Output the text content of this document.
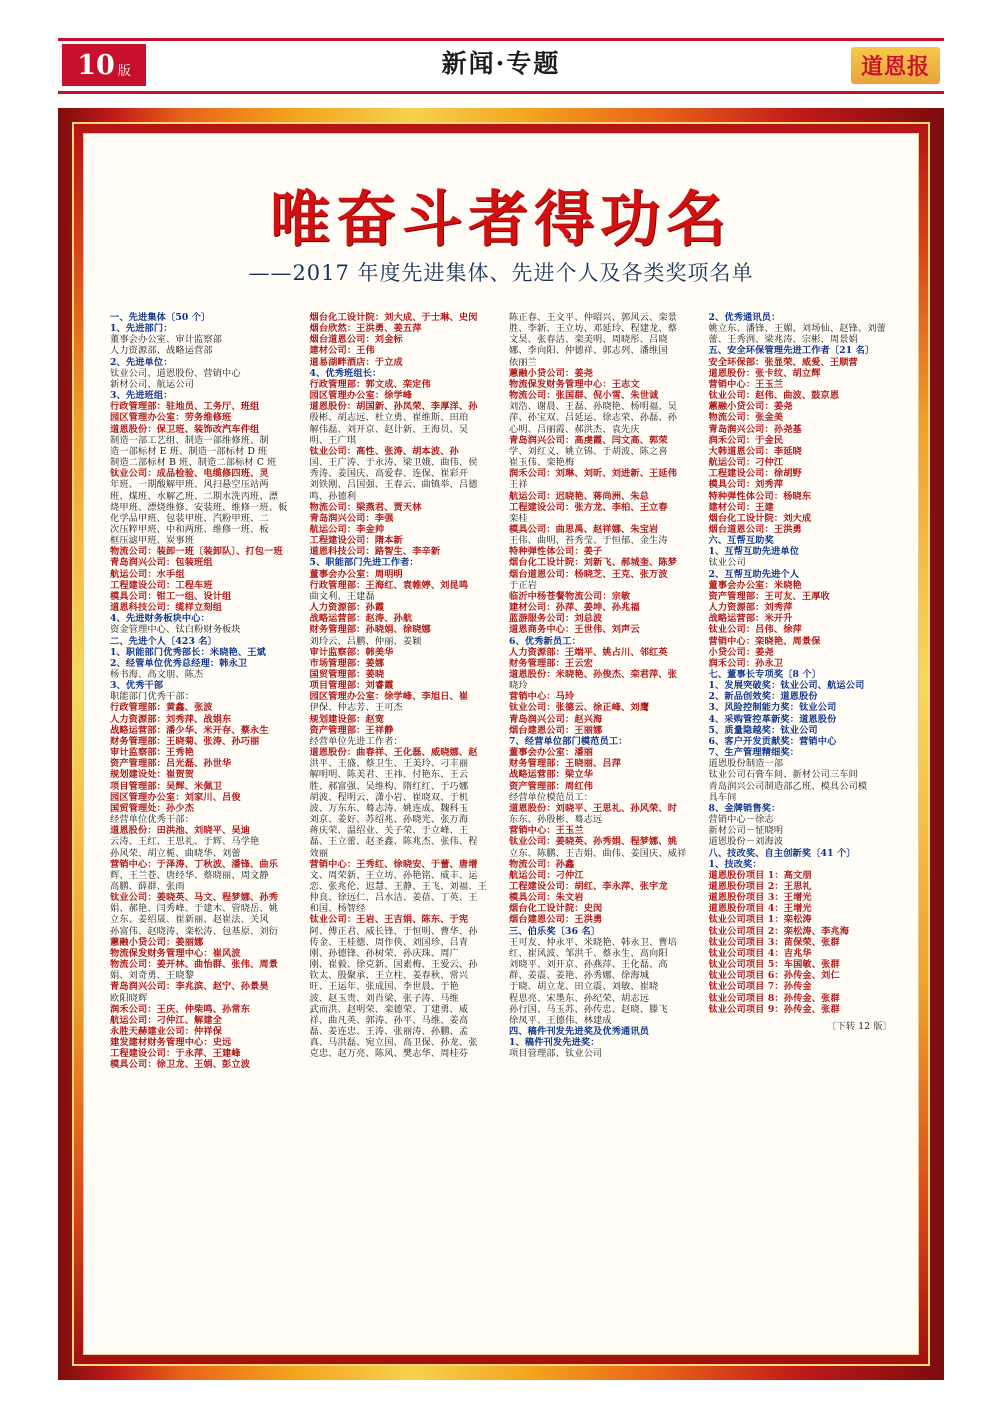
10 版	新闻·专题	道恩报
唯奋斗者得功名
——2017 年度先进集体、先进个人及各类奖项名单

一、先进集体〔50 个〕

1、先进部门：

董事会办公室、审计监察部

人力资源部、战略运营部

2、先进单位：

钛业公司、道恩股份、营销中心

新材公司、航运公司

3、先进班组：

行政管理部：驻地员、工务厅、班组

园区管理办公室：劳务维修班

道恩股份：保卫班、装饰改汽车件组

制造一部工艺组、制造一部维修班、制

造一部标材 E 班、制造一部标材 D 班

制造二部标材 B 班、制造二部标材 C 班

钛业公司：成品检验、电缆修四班、灵

年班、一期酸解甲班、风扫悬空压站两

班、煤班、水解乙班、二期水洗丙班、漂

烧甲班、漂烧维修、安装班、维修一班、板

化学品甲班、包装甲班、汽粉甲班、二

次压粹甲班、中和两班、维修一班、板

框压滤甲班、炭事班

物流公司：装卸一班〔装卸队〕、打包一班

青岛润兴公司：包装班组

航运公司：水手组

工程建设公司：工程车班

模具公司：钳工一组、设计组

道恩科技公司：缆样立刻组

4、先进财务板块中心：

资金管理中心、钛白粉财务板块

二、先进个人〔423 名〕

1、职能部门优秀部长：米晓艳、王斌

2、经管单位优秀总经理：韩永卫

杨书海、高文朋、陈杰

3、优秀干部

职能部门优秀干部：

行政管理部：黄鑫、张波

人力资源部：刘秀萍、战娟东

战略运营部：潘少华、米开存、蔡永生

财务管理部：王晓菊、张涛、孙巧丽

审计监察部：王秀艳

资产管理部：吕光磊、孙世华

规划建设处：崔贺贺

项目管理部：吴辉、米佩卫

园区管理办公室：刘家川、吕俊

国贸管理处：孙少杰

经营单位优秀干部：

道恩股份：田洪池、刘晓平、吴迪

云涛、王红、王思礼、于辉、马学艳

孙风荣、胡立栀、曲晓华、刘蕾

营销中心：于泽涛、丁秋波、潘锋、曲乐

辉、王兰苍、唐经华、蔡晓丽、周文静

高鹏、薛群、张雨

钛业公司：姜晓英、马文、程梦娜、孙秀

娟、郝艳、闫秀峰、于建木、管晓岳、姚

立东、姜绍晟、崔新丽、赵崔法、关风

孙富伟、赵晓涛、栾松涛、包基原、刘衍

蕙融小贷公司：姜丽娜

物流保发财务管理中心：崔风波

物流公司：姜开林、曲怡群、张伟、周景

娟、刘奇勇、王晓黎

青岛润兴公司：李兆滨、赵宁、孙景昊

欧阳晓辉

润禾公司：王庆、仲柴鸣、孙常东

航运公司：刁仲江、解建全

永胜天赫建业公司：仲祥保

建发建材财务管理中心：史远

工程建设公司：于永萍、王建峰

模具公司：徐卫龙、王娟、彭立波

烟台化工设计院：刘大成、于士琳、史闵

烟台欣然：王洪勇、姜五萍

烟台道恩公司：刘金标

建材公司：王伟

道易湖畔酒店：于立成

4、优秀班组长：

行政管理部：郭文成、栾定伟

园区管理办公室：徐学峰

道恩股份：胡国新、孙凤荣、李厚洋、孙

殷彬、胡志远、杜立勇、崔维斯、田珀

解伟磊、刘开京、赵计新、王海员、吴

明、王广琪

钛业公司：高性、张涛、胡本波、孙

国、王广涛、于永涛、梁卫娥、曲伟、侯

秀涛、姜国庆、高爱春、连保、崔彩开

刘铁刚、吕国强、王春云、曲镇举、吕德

鸣、孙德利

物流公司：梁燕君、贾天林

青岛润兴公司：李强

航运公司：李金帅

工程建设公司：隋本新

道恩科技公司：路智生、李辛新

5、职能部门先进工作者：

董事会办公室：周明明

行政管理部：王海红、袁帷婷、刘昆鸣

曲文利、王建磊

人力资源部：孙霞

战略运营部：赵涛、孙航

财务管理部：孙晓娟、徐晓娜

刘玲云、吕鹏、仲丽、姜颖

审计监察部：韩美华

市场管理部：姜娜

国贸管理部：姜晓

项目管理部：刘睿霞

园区管理办公室：徐学峰、李旭日、崔

伊保、仲志芳、王可杰

规划建设部：赵宽

资产管理部：王祥静

经营单位先进工作者：

道恩股份：曲春祥、王化磊、威晓娜、赵

洪平、王盛、蔡卫生、王美玲、刁丰丽

解明明、陈美君、王祎、付艳东、王云

胜、郝富强、吴维构、隋红红、于巧娜

胡波、程明云、潇小岩、崔晓双、于机

波、万东东、蓦志涛、姚连成、魏科玉

刘京、姜好、苏绍兆、孙晓光、张万海

蒋庆荣、温绍业、关子荣、于立峰、王

磊、王立蕾、赵圣鑫、陈兆杰、张伟、程

效丽

营销中心：王秀红、徐晓安、于蕾、唐增

文、周荣新、王立坊、孙艳铭、威丰、运

恋、张兆伦、迟慧、王静、王飞、刘福、王

仲良、徐远仁、吕水洁、姜蓓、丁英、王

和国、杨智经

钛业公司：王岩、王吉娟、陈东、于宪

阿、傅正君、威长锋、于恒明、曹华、孙

传金、王桂德、周作侠、刘国珍、吕青

刚、孙德锋、孙树荣、孙庆珠、周广

刚、崔毅、徐克新、国素梅、王爱云、孙

钦太、殷聚承、王立柱、姜春秋、常兴

旺、王运年、张成国、李世晨、于艳

波、赵玉贵、刘肖梁、张子涛、马维

武而洪、赵明荣、栾德荣、丁建勇、威

祥、曲凡英、郭涛、孙平、马维、姜高

磊、姜连忠、王涛、张丽涛、孙鹏、孟

真、马洪磊、宛立国、高卫保、孙龙、张

克忠、赵万亮、陈风、樊志华、周桂芬

陈正春、王文平、仲昭兴、郭风云、栾景

胜、李新、王立坊、邓延玲、程建龙、蔡

文昊、张春洁、栾美明、周晓彤、吕晓

娜、李向阳、仲德祥、郭志列、潘维国

依丽兰

蕙融小贷公司：姜尧

物流保发财务管理中心：王志文

物流公司：张国群、倪小雪、朱世诚

刘浩、谢晨、王磊、孙晓艳、杨明福、吴

萍、孙宝双、吕延运、徐志荣、孙磊、孙

心明、吕丽霞、郝洪杰、袁先庆

青岛润兴公司：高虔霞、闫文高、郭荣

学、刘红义、姚立锦、于胡波、陈之喜

崔玉伟、栾艳梅

润禾公司：刘琳、刘昕、刘进新、王延伟

王祥

航运公司：迟晓艳、蒋尚洲、朱总

工程建设公司：张方龙、李柏、王立春

栾桂

模具公司：曲思禹、赵祥娜、朱宝岩

王伟、曲明、苔秀莹、于恒郁、金生涛

特种弹性体公司：姜子

烟台化工设计院：刘新飞、郝城奎、陈梦

烟台道恩公司：杨晓芝、王克、张万波

于正岩

临沂中杨苍餐物流公司：宗敏

建材公司：孙萍、姜坤、孙兆福

蓝游服务公司：刘总波

道恩商务中心：王世伟、刘声云

6、优秀新员工：

人力资源部：王端平、姚占川、邻红英

财务管理部：王云宏

道恩股份：米晓艳、孙俊杰、栾君萍、张

晓玲

营销中心：马玲

钛业公司：张德云、徐正峰、刘鹰

青岛润兴公司：赵兴海

烟台建恩公司：王丽娜

7、经营单位部门模范员工：

董事会办公室：潘丽

财务管理部：王晓丽、吕萍

战略运营部：梁立华

资产管理部：周红伟

经营单位模范员工：

道恩股份：刘晓平、王思礼、孙风荣、时

东东、孙殷彬、蓦志远

营销中心：王玉兰

钛业公司：姜晓英、孙秀娟、程梦娜、姚

立东、陈鹏、王吉娟、曲伟、姜国庆、威祥

物流公司：孙鑫

航运公司：刁仲江

工程建设公司：胡红、李永萍、张宇龙

模具公司：朱文岩

烟台化工设计院：史闵

烟台建恩公司：王洪勇

三、伯乐奖〔36 名〕

王可友、仲永平、米晓艳、韩永卫、曹培

红、崔风波、邹洪千、蔡永生、高向阳

刘晓平、刘开京、孙燕萍、王化磊、高

群、姜震、姜艳、孙秀娜、徐海城

于晓、胡立龙、田立震、刘敏、崔晓

程思亮、宋墨东、孙纪荣、胡志远

孙行国、马玉苏、孙传忠、赵晓、滕飞

徐凤平、王德伟、林建成

四、稿件刊发先进奖及优秀通讯员

1、稿件刊发先进奖：

项目管理部、钛业公司

2、优秀通讯员：

姚立东、潘锋、王媚、刘场仙、赵锋、刘蕾

蕾、王秀洌、梁兆涛、宗彬、周景娟

五、安全环保管理先进工作者〔21 名〕

安全环保部：张显荣、威爱、王顺营

道恩股份：张卡纹、胡立辉

营销中心：王玉兰

钛业公司：赵伟、曲波、鼓京恩

蕙融小贷公司：姜尧

物流公司：张金美

青岛润兴公司：孙尧基

润禾公司：于金民

大韩道恩公司：李延晓

航运公司：刁仲江

工程建设公司：徐胡野

模具公司：刘秀萍

特种弹性体公司：杨晓东

建材公司：王建

烟台化工设计院：刘大成

烟台道恩公司：王洪勇

六、互帮互助奖

1、互帮互助先进单位

钛业公司

2、互帮互助先进个人

董事会办公室：米晓艳

资产管理部：王可友、王厚收

人力资源部：刘秀萍

战略运营部：米开升

钛业公司：吕伟、徐萍

营销中心：栾晓艳、周景保

小贷公司：姜尧

润禾公司：孙永卫

七、董事长专项奖〔8 个〕

1、发展突破奖：钛业公司、航运公司

2、新品创效奖：道恩股份

3、风险控制能力奖：钛业公司

4、采购管控革新奖：道恩股份

5、质量隐越奖：钛业公司

6、客户开发贡献奖：营销中心

7、生产管理精细奖：

道恩股份制造一部

钛业公司石膏车间、新材公司三车间

青岛润兴公司制造部乙班、模具公司模

具车间

8、金牌销售奖：

营销中心－徐志

新材公司－怔晓明

道恩股份－刘海波

八、技改奖、自主创新奖〔41 个〕

1、技改奖：

道恩股份项目 1：高文朋

道恩股份项目 2：王思礼

道恩股份项目 3：王增光

道恩股份项目 4：王增光

钛业公司项目 1：栾松涛

钛业公司项目 2：栾松涛、李兆海

钛业公司项目 3：苗保荣、张群

钛业公司项目 4：吉兆华

钛业公司项目 5：车国敏、张群

钛业公司项目 6：孙传金、刘仁

钛业公司项目 7：孙传金

钛业公司项目 8：孙传金、张群

钛业公司项目 9：孙传金、张群

〔下转 12 版〕
